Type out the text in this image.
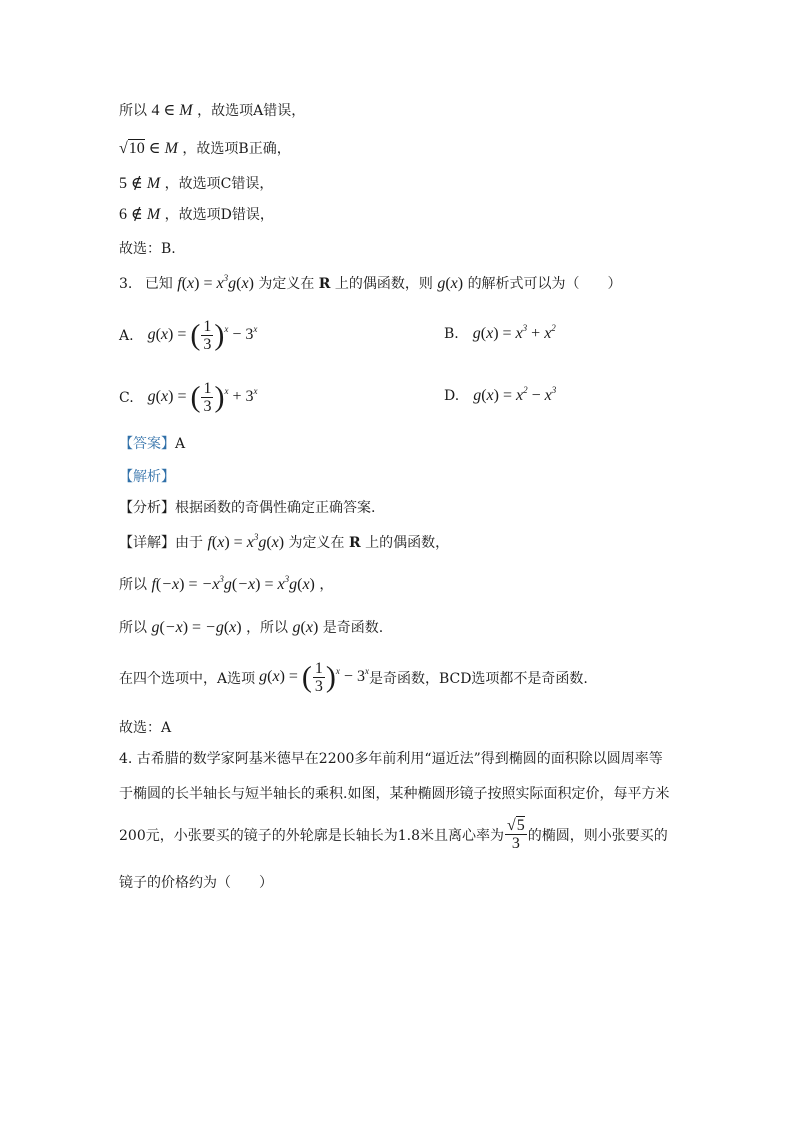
所以 4 ∈ M ，故选项A错误，
√10 ∈ M ，故选项B正确，
5 ∉ M ，故选项C错误，
6 ∉ M ，故选项D错误，
故选：B.
3. 已知 $f(x) = x^3g(x)$ 为定义在 R 上的偶函数，则 g(x) 的解析式可以为（　　）
A. g(x) = ( $\frac{1}{3} )^x - 3^x$	B. $g(x) = x^3 + x^2$
C. g(x) = ( $\frac{1}{3} )^x + 3^x$	D. $g(x) = x^2 - x^3$
【答案】A
【解析】
【分析】根据函数的奇偶性确定正确答案.
【详解】由于 $f(x) = x^3g(x)$ 为定义在 R 上的偶函数，
所以 $f(-x) = -x^3g(-x) = x^3g(x)$ ，
所以 g(−x) = −g(x) ，所以 g(x) 是奇函数.
在四个选项中，A选项 g(x) = ( $\frac{1}{3} )^x - 3^x$ 是奇函数，BCD选项都不是奇函数.
故选：A
4. 古希腊的数学家阿基米德早在2200多年前利用“逼近法”得到椭圆的面积除以圆周率等
于椭圆的长半轴长与短半轴长的乘积.如图，某种椭圆形镜子按照实际面积定价，每平方米
200元，小张要买的镜子的外轮廓是长轴长为1.8米且离心率为 $\frac{√5}{3}$ 的椭圆，则小张要买的
镜子的价格约为（　　）
